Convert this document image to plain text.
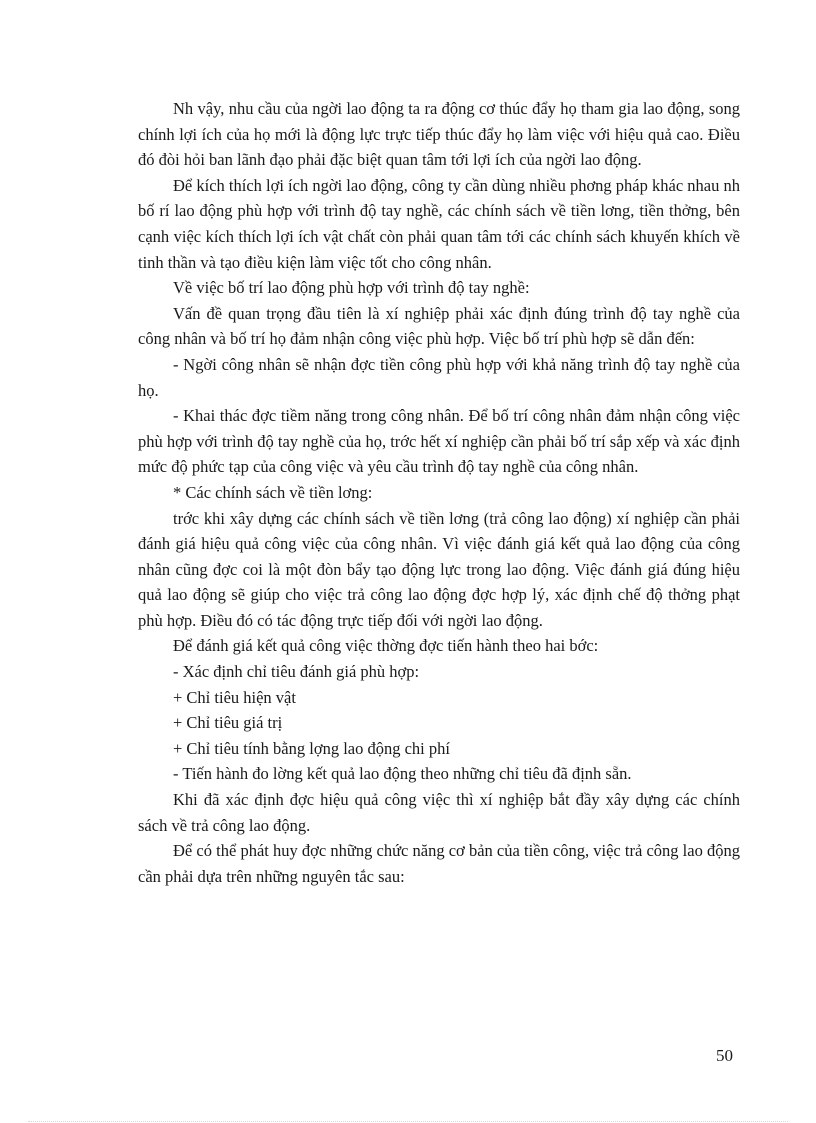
Nh vậy, nhu cầu của ngời lao động ta ra động cơ thúc đẩy họ tham gia lao động, song chính lợi ích của họ mới là động lực trực tiếp thúc đẩy họ làm việc với hiệu quả cao. Điều đó đòi hỏi ban lãnh đạo phải đặc biệt quan tâm tới lợi ích của ngời lao động.

Để kích thích lợi ích ngời lao động, công ty cần dùng nhiều phơng pháp khác nhau nh bố rí lao động phù hợp với trình độ tay nghề, các chính sách về tiền lơng, tiền thởng, bên cạnh việc kích thích lợi ích vật chất còn phải quan tâm tới các chính sách khuyến khích về tinh thần và tạo điều kiện làm việc tốt cho công nhân.

Về việc bố trí lao động phù hợp với trình độ tay nghề:

Vấn đề quan trọng đầu tiên là xí nghiệp phải xác định đúng trình độ tay nghề của công nhân và bố trí họ đảm nhận công việc phù hợp. Việc bố trí phù hợp sẽ dẫn đến:

- Ngời công nhân sẽ nhận đợc tiền công phù hợp với khả năng trình độ tay nghề của họ.

- Khai thác đợc tiềm năng trong công nhân. Để bố trí công nhân đảm nhận công việc phù hợp với trình độ tay nghề của họ, trớc hết xí nghiệp cần phải bố trí sắp xếp và xác định mức độ phức tạp của công việc và yêu cầu trình độ tay nghề của công nhân.

* Các chính sách về tiền lơng:

trớc khi xây dựng các chính sách về tiền lơng (trả công lao động) xí nghiệp cần phải đánh giá hiệu quả công việc của công nhân. Vì việc đánh giá kết quả lao động của công nhân cũng đợc coi là một đòn bẩy tạo động lực trong lao động. Việc đánh giá đúng hiệu quả lao động sẽ giúp cho việc trả công lao động đợc hợp lý, xác định chế độ thởng phạt phù hợp. Điều đó có tác động trực tiếp đối với ngời lao động.

Để đánh giá kết quả công việc thờng đợc tiến hành theo hai bớc:

- Xác định chỉ tiêu đánh giá phù hợp:

+ Chỉ tiêu hiện vật

+ Chỉ tiêu giá trị

+ Chỉ tiêu tính bằng lợng lao động chi phí

- Tiến hành đo lờng kết quả lao động theo những chỉ tiêu đã định sẵn.

Khi đã xác định đợc hiệu quả công việc thì xí nghiệp bắt đầy xây dựng các chính sách về trả công lao động.

Để có thể phát huy đợc những chức năng cơ bản của tiền công, việc trả công lao động cần phải dựa trên những nguyên tắc sau:

50
